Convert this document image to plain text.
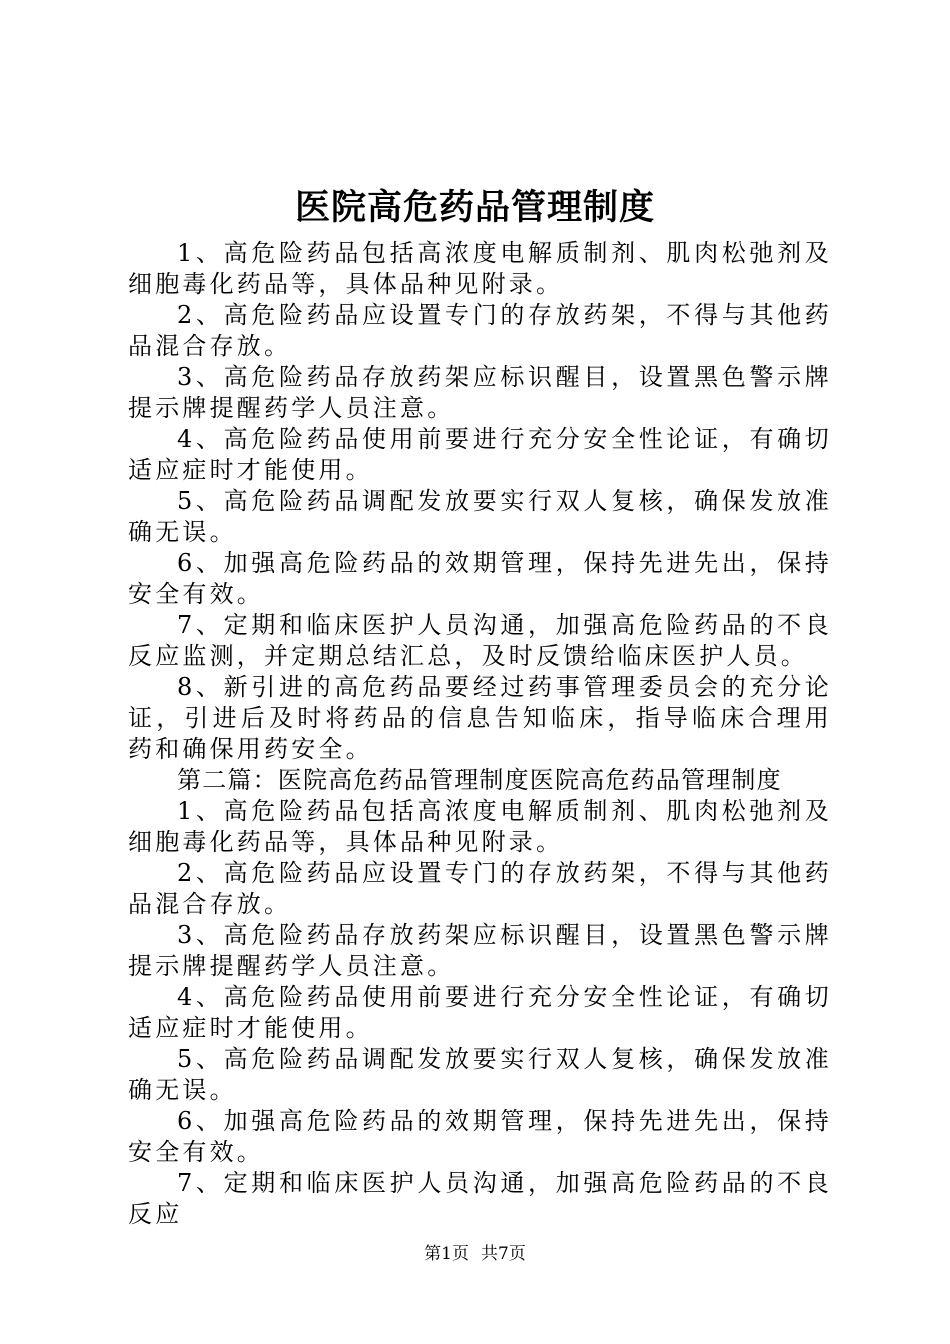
医院高危药品管理制度

1、高危险药品包括高浓度电解质制剂、肌肉松弛剂及细胞毒化药品等，具体品种见附录。

2、高危险药品应设置专门的存放药架，不得与其他药品混合存放。

3、高危险药品存放药架应标识醒目，设置黑色警示牌提示牌提醒药学人员注意。

4、高危险药品使用前要进行充分安全性论证，有确切适应症时才能使用。

5、高危险药品调配发放要实行双人复核，确保发放准确无误。

6、加强高危险药品的效期管理，保持先进先出，保持安全有效。

7、定期和临床医护人员沟通，加强高危险药品的不良反应监测，并定期总结汇总，及时反馈给临床医护人员。

8、新引进的高危药品要经过药事管理委员会的充分论证，引进后及时将药品的信息告知临床，指导临床合理用药和确保用药安全。

第二篇：医院高危药品管理制度医院高危药品管理制度

1、高危险药品包括高浓度电解质制剂、肌肉松弛剂及细胞毒化药品等，具体品种见附录。

2、高危险药品应设置专门的存放药架，不得与其他药品混合存放。

3、高危险药品存放药架应标识醒目，设置黑色警示牌提示牌提醒药学人员注意。

4、高危险药品使用前要进行充分安全性论证，有确切适应症时才能使用。

5、高危险药品调配发放要实行双人复核，确保发放准确无误。

6、加强高危险药品的效期管理，保持先进先出，保持安全有效。

7、定期和临床医护人员沟通，加强高危险药品的不良反应

第1页 共7页
